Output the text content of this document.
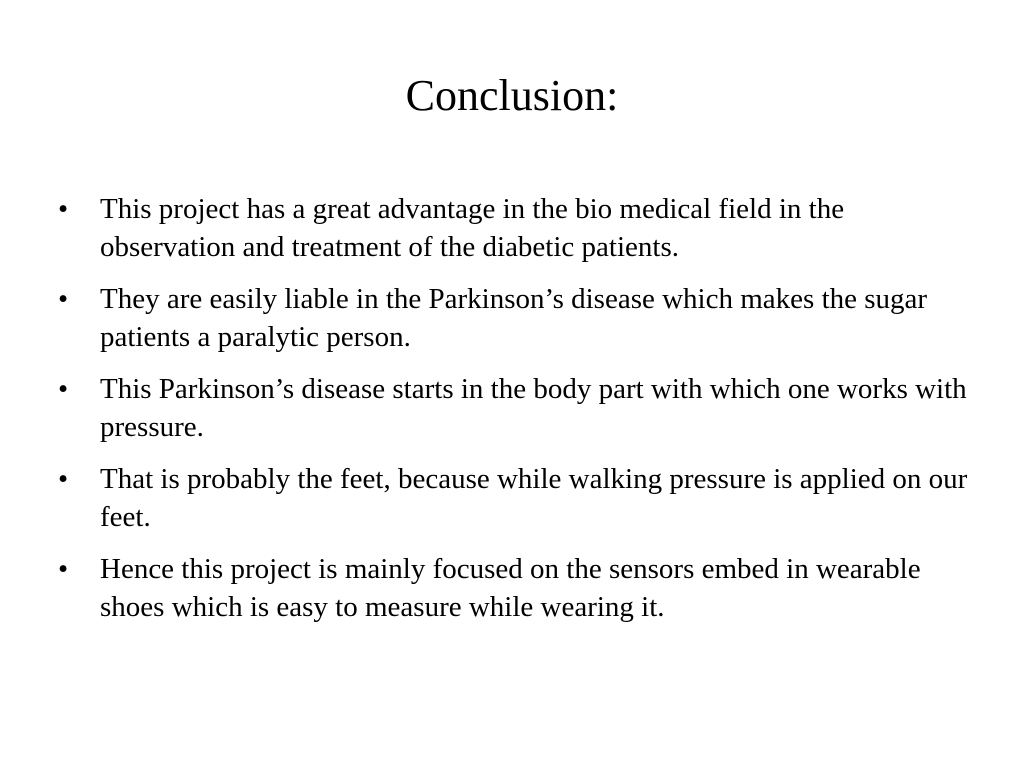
Conclusion:
•	This project has a great advantage in the bio medical field in the observation and treatment of the diabetic patients.
•	They are easily liable in the Parkinson’s disease which makes the sugar patients a paralytic person.
•	This Parkinson’s disease starts in the body part with which one works with pressure.
•	That is probably the feet, because while walking pressure is applied on our feet.
•	Hence this project is mainly focused on the sensors embed in wearable shoes which is easy to measure while wearing it.
